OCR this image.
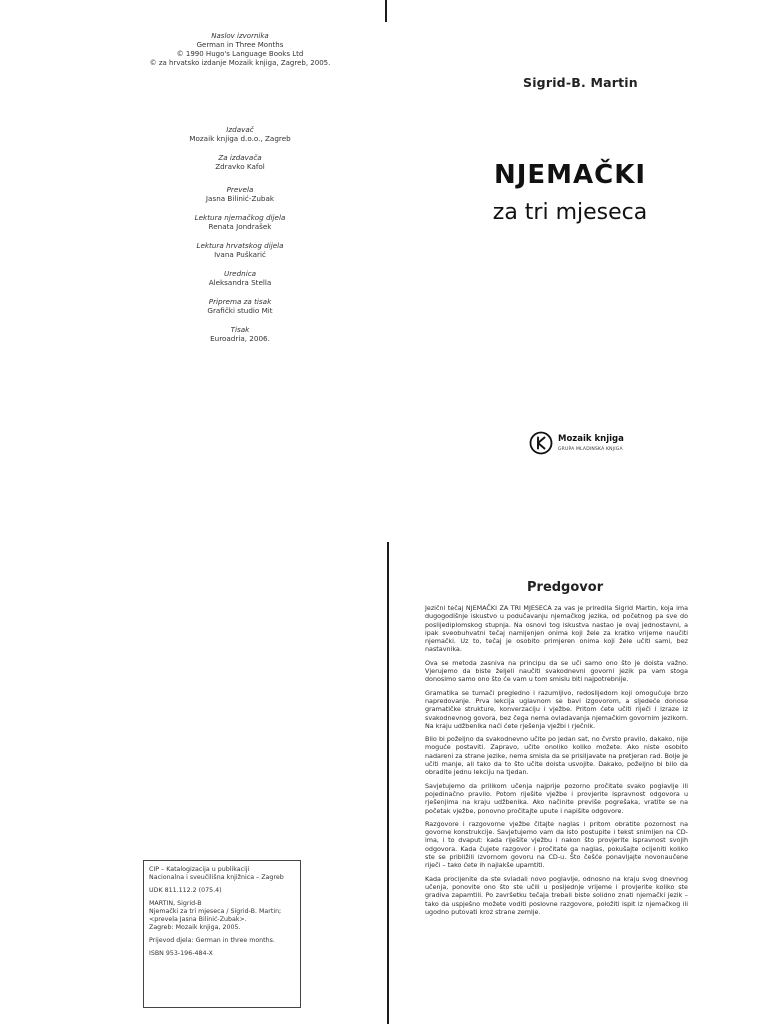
Naslov izvornika
German in Three Months
© 1990 Hugo's Language Books Ltd
© za hrvatsko izdanje Mozaik knjiga, Zagreb, 2005.
Izdavač
Mozaik knjiga d.o.o., Zagreb
Za izdavača
Zdravko Kafol
Prevela
Jasna Bilinić-Zubak
Lektura njemačkog dijela
Renata Jondrašek
Lektura hrvatskog dijela
Ivana Puškarić
Urednica
Aleksandra Stella
Priprema za tisak
Grafički studio Mit
Tisak
Euroadria, 2006.
Sigrid-B. Martin
NJEMAČKI
za tri mjeseca
Mozaik knjiga
GRUPA MLADINSKA KNJIGA
CIP – Katalogizacija u publikaciji
Nacionalna i sveučilišna knjižnica – Zagreb
UDK 811.112.2 (075.4)
MARTIN, Sigrid-B
Njemački za tri mjeseca / Sigrid-B. Martin;
<prevela Jasna Bilinić-Zubak>.
Zagreb: Mozaik knjiga, 2005.
Prijevod djela: German in three months.
ISBN 953-196-484-X
Predgovor

Jezični tečaj NJEMAČKI ZA TRI MJESECA za vas je priredila Sigrid Martin, koja ima dugogodišnje iskustvo u podučavanju njemačkog jezika, od početnog pa sve do poslijediplomskog stupnja. Na osnovi tog iskustva nastao je ovaj jednostavni, a ipak sveobuhvatni tečaj namijenjen onima koji žele za kratko vrijeme naučiti njemački. Uz to, tečaj je osobito primjeren onima koji žele učiti sami, bez nastavnika.

Ova se metoda zasniva na principu da se uči samo ono što je doista važno. Vjerujemo da biste željeli naučiti svakodnevni govorni jezik pa vam stoga donosimo samo ono što će vam u tom smislu biti najpotrebnije.

Gramatika se tumači pregledno i razumljivo, redoslijedom koji omogućuje brzo napredovanje. Prva lekcija uglavnom se bavi izgovorom, a sljedeće donose gramatičke strukture, konverzaciju i vježbe. Pritom ćete učiti riječi i izraze iz svakodnevnog govora, bez čega nema ovladavanja njemačkim govornim jezikom. Na kraju udžbenika naći ćete rješenja vježbi i rječnik.

Bilo bi poželjno da svakodnevno učite po jedan sat, no čvrsto pravilo, dakako, nije moguće postaviti. Zapravo, učite onoliko koliko možete. Ako niste osobito nadareni za strane jezike, nema smisla da se prisiljavate na pretjeran rad. Bolje je učiti manje, ali tako da to što učite doista usvojite. Dakako, poželjno bi bilo da obradite jednu lekciju na tjedan.

Savjetujemo da prilikom učenja najprije pozorno pročitate svako poglavlje ili pojedinačno pravilo. Potom riješite vježbe i provjerite ispravnost odgovora u rješenjima na kraju udžbenika. Ako načinite previše pogrešaka, vratite se na početak vježbe, ponovno pročitajte upute i napišite odgovore.

Razgovore i razgovorne vježbe čitajte naglas i pritom obratite pozornost na govorne konstrukcije. Savjetujemo vam da isto postupite i tekst snimljen na CD-ima, i to dvaput: kada riješite vježbu i nakon što provjerite ispravnost svojih odgovora. Kada čujete razgovor i pročitate ga naglas, pokušajte ocijeniti koliko ste se približili izvornom govoru na CD-u. Što češće ponavljajte novonaučene riječi – tako ćete ih najlakše upamtiti.

Kada procijenite da ste svladali novo poglavlje, odnosno na kraju svog dnevnog učenja, ponovite ono što ste učili u posljednje vrijeme i provjerite koliko ste gradiva zapamtili. Po završetku tečaja trebali biste solidno znati njemački jezik – tako da uspješno možete voditi poslovne razgovore, položiti ispit iz njemačkog ili ugodno putovati kroz strane zemlje.
